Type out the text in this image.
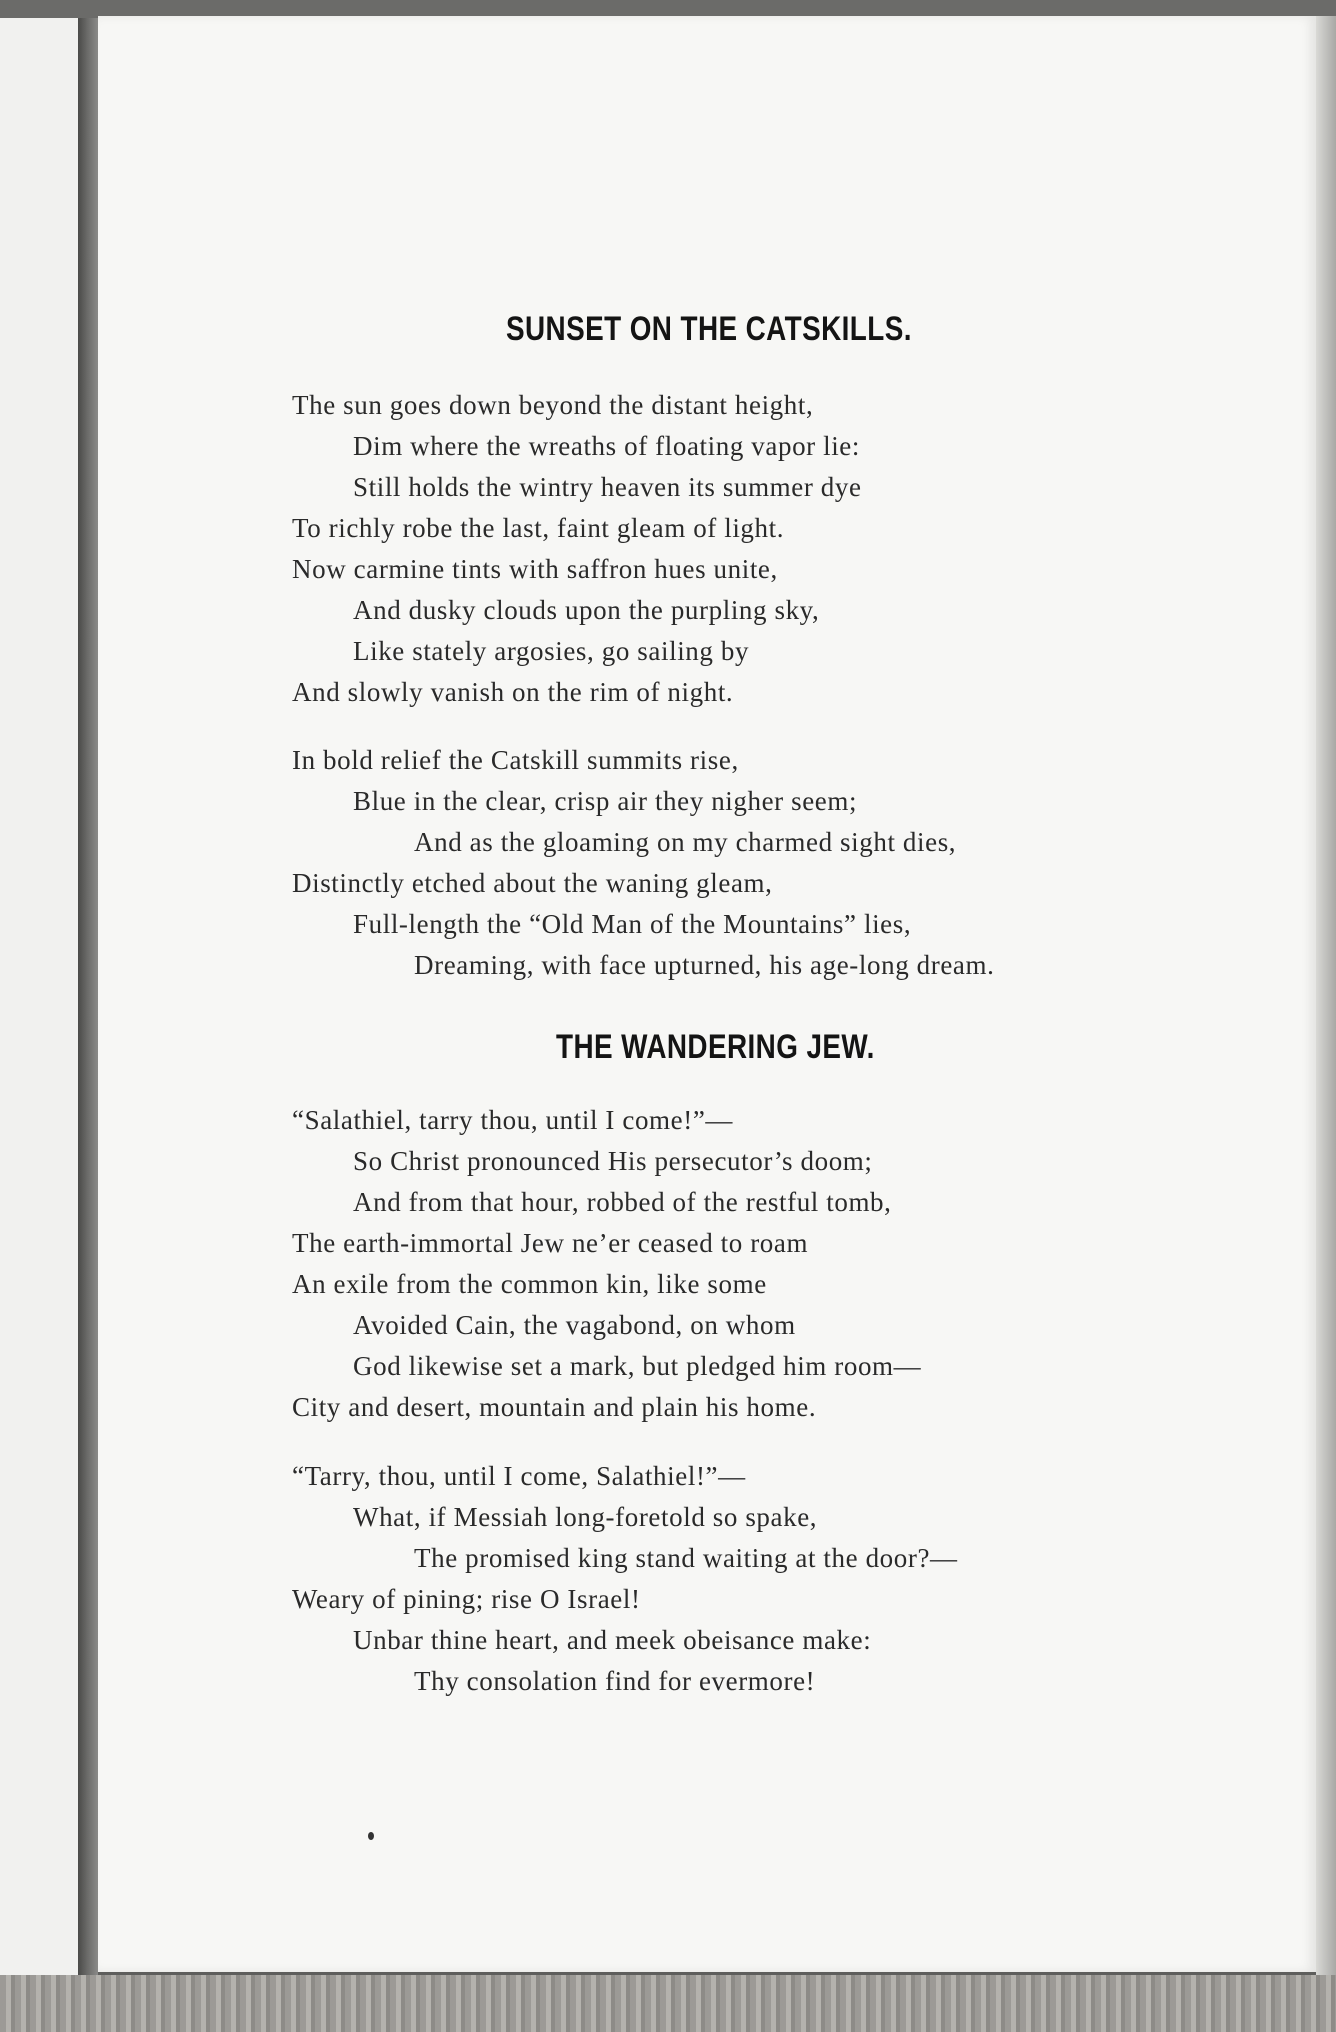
SUNSET ON THE CATSKILLS.

The sun goes down beyond the distant height,

Dim where the wreaths of floating vapor lie:

Still holds the wintry heaven its summer dye

To richly robe the last, faint gleam of light.

Now carmine tints with saffron hues unite,

And dusky clouds upon the purpling sky,

Like stately argosies, go sailing by

And slowly vanish on the rim of night.

In bold relief the Catskill summits rise,

Blue in the clear, crisp air they nigher seem;

And as the gloaming on my charmed sight dies,

Distinctly etched about the waning gleam,

Full-length the “Old Man of the Mountains” lies,

Dreaming, with face upturned, his age-long dream.

THE WANDERING JEW.

“Salathiel, tarry thou, until I come!”—

So Christ pronounced His persecutor’s doom;

And from that hour, robbed of the restful tomb,

The earth-immortal Jew ne’er ceased to roam

An exile from the common kin, like some

Avoided Cain, the vagabond, on whom

God likewise set a mark, but pledged him room—

City and desert, mountain and plain his home.

“Tarry, thou, until I come, Salathiel!”—

What, if Messiah long-foretold so spake,

The promised king stand waiting at the door?—

Weary of pining; rise O Israel!

Unbar thine heart, and meek obeisance make:

Thy consolation find for evermore!
